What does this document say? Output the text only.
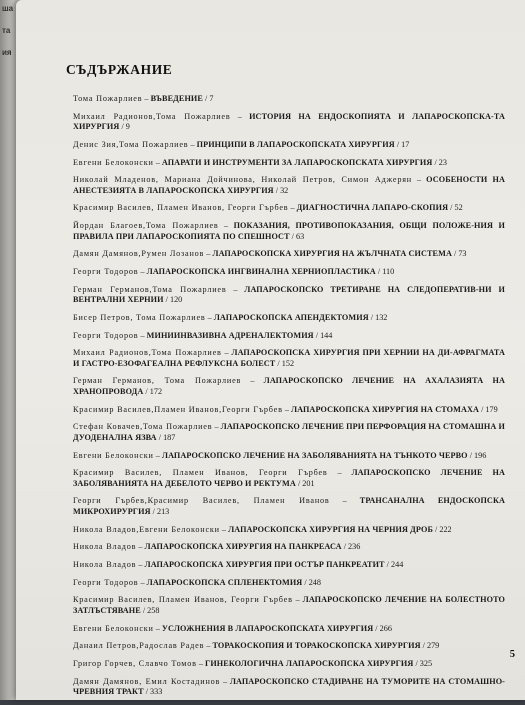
ша
та
ия
СЪДЪРЖАНИЕ
Тома Пожарлиев – ВЪВЕДЕНИЕ / 7
Михаил Радионов,Тома Пожарлиев – ИСТОРИЯ НА ЕНДОСКОПИЯТА И ЛАПАРОСКОПСКА-ТА ХИРУРГИЯ / 9
Денис Зия,Тома Пожарлиев – ПРИНЦИПИ В ЛАПАРОСКОПСКАТА ХИРУРГИЯ / 17
Евгени Белоконски – АПАРАТИ И ИНСТРУМЕНТИ ЗА ЛАПАРОСКОПСКАТА ХИРУРГИЯ / 23
Николай Младенов, Мариана Дойчинова, Николай Петров, Симон Аджерян – ОСОБЕНОСТИ НА АНЕСТЕЗИЯТА В ЛАПАРОСКОПСКА ХИРУРГИЯ / 32
Красимир Василев, Пламен Иванов, Георги Гърбев – ДИАГНОСТИЧНА ЛАПАРО-СКОПИЯ / 52
Йордан Благоев,Тома Пожарлиев – ПОКАЗАНИЯ, ПРОТИВОПОКАЗАНИЯ, ОБЩИ ПОЛОЖЕ-НИЯ И ПРАВИЛА ПРИ ЛАПАРОСКОПИЯТА ПО СПЕШНОСТ / 63
Дамян Дамянов,Румен Лозанов – ЛАПАРОСКОПСКА ХИРУРГИЯ НА ЖЪЛЧНАТА СИСТЕМА / 73
Георги Тодоров – ЛАПАРОСКОПСКА ИНГВИНАЛНА ХЕРНИОПЛАСТИКА / 110
Герман Германов,Тома Пожарлиев – ЛАПАРОСКОПСКО ТРЕТИРАНЕ НА СЛЕДОПЕРАТИВ-НИ И ВЕНТРАЛНИ ХЕРНИИ / 120
Бисер Петров, Тома Пожарлиев – ЛАПАРОСКОПСКА АПЕНДЕКТОМИЯ / 132
Георги Тодоров – МИНИИНВАЗИВНА АДРЕНАЛЕКТОМИЯ / 144
Михаил Радионов,Тома Пожарлиев – ЛАПАРОСКОПСКА ХИРУРГИЯ ПРИ ХЕРНИИ НА ДИ-АФРАГМАТА И ГАСТРО-ЕЗОФАГЕАЛНА РЕФЛУКСНА БОЛЕСТ / 152
Герман Германов, Тома Пожарлиев – ЛАПАРОСКОПСКО ЛЕЧЕНИЕ НА АХАЛАЗИЯТА НА ХРАНОПРОВОДА / 172
Красимир Василев,Пламен Иванов,Георги Гърбев – ЛАПАРОСКОПСКА ХИРУРГИЯ НА СТОМАХА / 179
Стефан Ковачев,Тома Пожарлиев – ЛАПАРОСКОПСКО ЛЕЧЕНИЕ ПРИ ПЕРФОРАЦИЯ НА СТОМАШНА И ДУОДЕНАЛНА ЯЗВА / 187
Евгени Белоконски – ЛАПАРОСКОПСКО ЛЕЧЕНИЕ НА ЗАБОЛЯВАНИЯТА НА ТЪНКОТО ЧЕРВО / 196
Красимир Василев, Пламен Иванов, Георги Гърбев – ЛАПАРОСКОПСКО ЛЕЧЕНИЕ НА ЗАБОЛЯВАНИЯТА НА ДЕБЕЛОТО ЧЕРВО И РЕКТУМА / 201
Георги Гърбев,Красимир Василев, Пламен Иванов – ТРАНСАНАЛНА ЕНДОСКОПСКА МИКРОХИРУРГИЯ / 213
Никола Владов,Евгени Белоконски – ЛАПАРОСКОПСКА ХИРУРГИЯ НА ЧЕРНИЯ ДРОБ / 222
Никола Владов – ЛАПАРОСКОПСКА ХИРУРГИЯ НА ПАНКРЕАСА / 236
Никола Владов – ЛАПАРОСКОПСКА ХИРУРГИЯ ПРИ ОСТЪР ПАНКРЕАТИТ / 244
Георги Тодоров – ЛАПАРОСКОПСКА СПЛЕНЕКТОМИЯ / 248
Красимир Василев, Пламен Иванов, Георги Гърбев – ЛАПАРОСКОПСКО ЛЕЧЕНИЕ НА БОЛЕСТНОТО ЗАТЛЪСТЯВАНЕ / 258
Евгени Белоконски – УСЛОЖНЕНИЯ В ЛАПАРОСКОПСКАТА ХИРУРГИЯ / 266
Данаил Петров,Радослав Радев – ТОРАКОСКОПИЯ И ТОРАКОСКОПСКА ХИРУРГИЯ / 279
Григор Горчев, Славчо Томов – ГИНЕКОЛОГИЧНА ЛАПАРОСКОПСКА ХИРУРГИЯ / 325
Дамян Дамянов, Емил Костадинов – ЛАПАРОСКОПСКО СТАДИРАНЕ НА ТУМОРИТЕ НА СТОМАШНО-ЧРЕВНИЯ ТРАКТ / 333
5
